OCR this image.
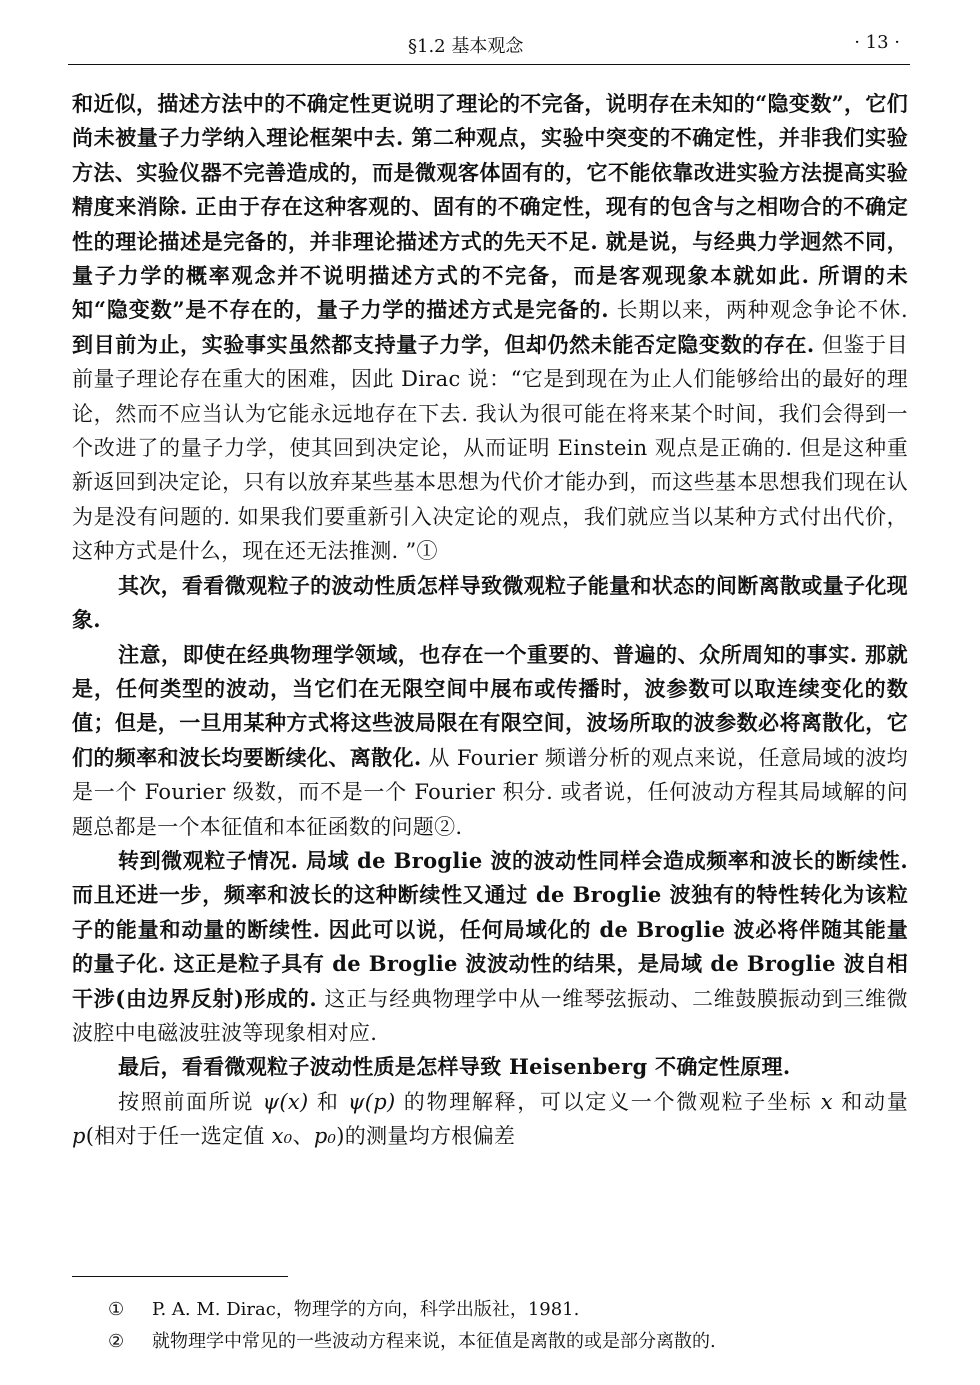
§1.2 基本观念	· 13 ·

和近似，描述方法中的不确定性更说明了理论的不完备，说明存在未知的“隐变数”，它们尚未被量子力学纳入理论框架中去. 第二种观点，实验中突变的不确定性，并非我们实验方法、实验仪器不完善造成的，而是微观客体固有的，它不能依靠改进实验方法提高实验精度来消除. 正由于存在这种客观的、固有的不确定性，现有的包含与之相吻合的不确定性的理论描述是完备的，并非理论描述方式的先天不足. 就是说，与经典力学迥然不同，量子力学的概率观念并不说明描述方式的不完备，而是客观现象本就如此. 所谓的未知“隐变数”是不存在的，量子力学的描述方式是完备的. 长期以来，两种观念争论不休. 到目前为止，实验事实虽然都支持量子力学，但却仍然未能否定隐变数的存在. 但鉴于目前量子理论存在重大的困难，因此 Dirac 说：“它是到现在为止人们能够给出的最好的理论，然而不应当认为它能永远地存在下去. 我认为很可能在将来某个时间，我们会得到一个改进了的量子力学，使其回到决定论，从而证明 Einstein 观点是正确的. 但是这种重新返回到决定论，只有以放弃某些基本思想为代价才能办到，而这些基本思想我们现在认为是没有问题的. 如果我们要重新引入决定论的观点，我们就应当以某种方式付出代价，这种方式是什么，现在还无法推测. ”①

其次，看看微观粒子的波动性质怎样导致微观粒子能量和状态的间断离散或量子化现象.

注意，即使在经典物理学领域，也存在一个重要的、普遍的、众所周知的事实. 那就是，任何类型的波动，当它们在无限空间中展布或传播时，波参数可以取连续变化的数值；但是，一旦用某种方式将这些波局限在有限空间，波场所取的波参数必将离散化，它们的频率和波长均要断续化、离散化. 从 Fourier 频谱分析的观点来说，任意局域的波均是一个 Fourier 级数，而不是一个 Fourier 积分. 或者说，任何波动方程其局域解的问题总都是一个本征值和本征函数的问题②.

转到微观粒子情况. 局域 de Broglie 波的波动性同样会造成频率和波长的断续性. 而且还进一步，频率和波长的这种断续性又通过 de Broglie 波独有的特性转化为该粒子的能量和动量的断续性. 因此可以说，任何局域化的 de Broglie 波必将伴随其能量的量子化. 这正是粒子具有 de Broglie 波波动性的结果，是局域 de Broglie 波自相干涉(由边界反射)形成的. 这正与经典物理学中从一维琴弦振动、二维鼓膜振动到三维微波腔中电磁波驻波等现象相对应.

最后，看看微观粒子波动性质是怎样导致 Heisenberg 不确定性原理.

按照前面所说 ψ(x) 和 ψ(p) 的物理解释，可以定义一个微观粒子坐标 x 和动量 p(相对于任一选定值 x₀、p₀)的测量均方根偏差

①	P. A. M. Dirac，物理学的方向，科学出版社，1981.
②	就物理学中常见的一些波动方程来说，本征值是离散的或是部分离散的.
